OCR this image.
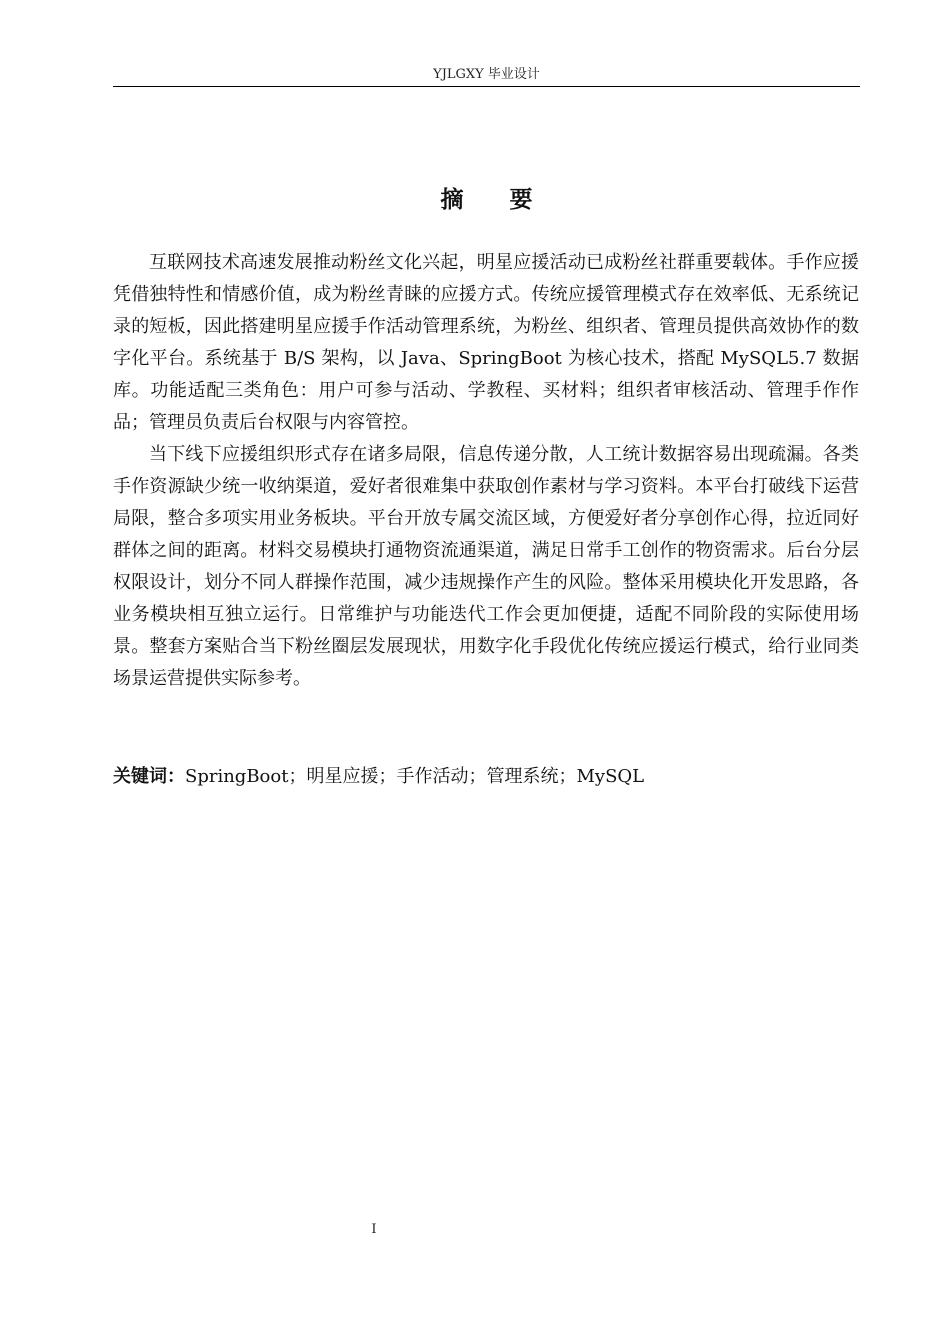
YJLGXY 毕业设计
摘要

互联网技术高速发展推动粉丝文化兴起，明星应援活动已成粉丝社群重要载体。手作应援凭借独特性和情感价值，成为粉丝青睐的应援方式。传统应援管理模式存在效率低、无系统记录的短板，因此搭建明星应援手作活动管理系统，为粉丝、组织者、管理员提供高效协作的数字化平台。系统基于 B/S 架构，以 Java、SpringBoot 为核心技术，搭配 MySQL5.7 数据库。功能适配三类角色：用户可参与活动、学教程、买材料；组织者审核活动、管理手作作品；管理员负责后台权限与内容管控。

当下线下应援组织形式存在诸多局限，信息传递分散，人工统计数据容易出现疏漏。各类手作资源缺少统一收纳渠道，爱好者很难集中获取创作素材与学习资料。本平台打破线下运营局限，整合多项实用业务板块。平台开放专属交流区域，方便爱好者分享创作心得，拉近同好群体之间的距离。材料交易模块打通物资流通渠道，满足日常手工创作的物资需求。后台分层权限设计，划分不同人群操作范围，减少违规操作产生的风险。整体采用模块化开发思路，各业务模块相互独立运行。日常维护与功能迭代工作会更加便捷，适配不同阶段的实际使用场景。整套方案贴合当下粉丝圈层发展现状，用数字化手段优化传统应援运行模式，给行业同类场景运营提供实际参考。

关键词：SpringBoot；明星应援；手作活动；管理系统；MySQL
I
